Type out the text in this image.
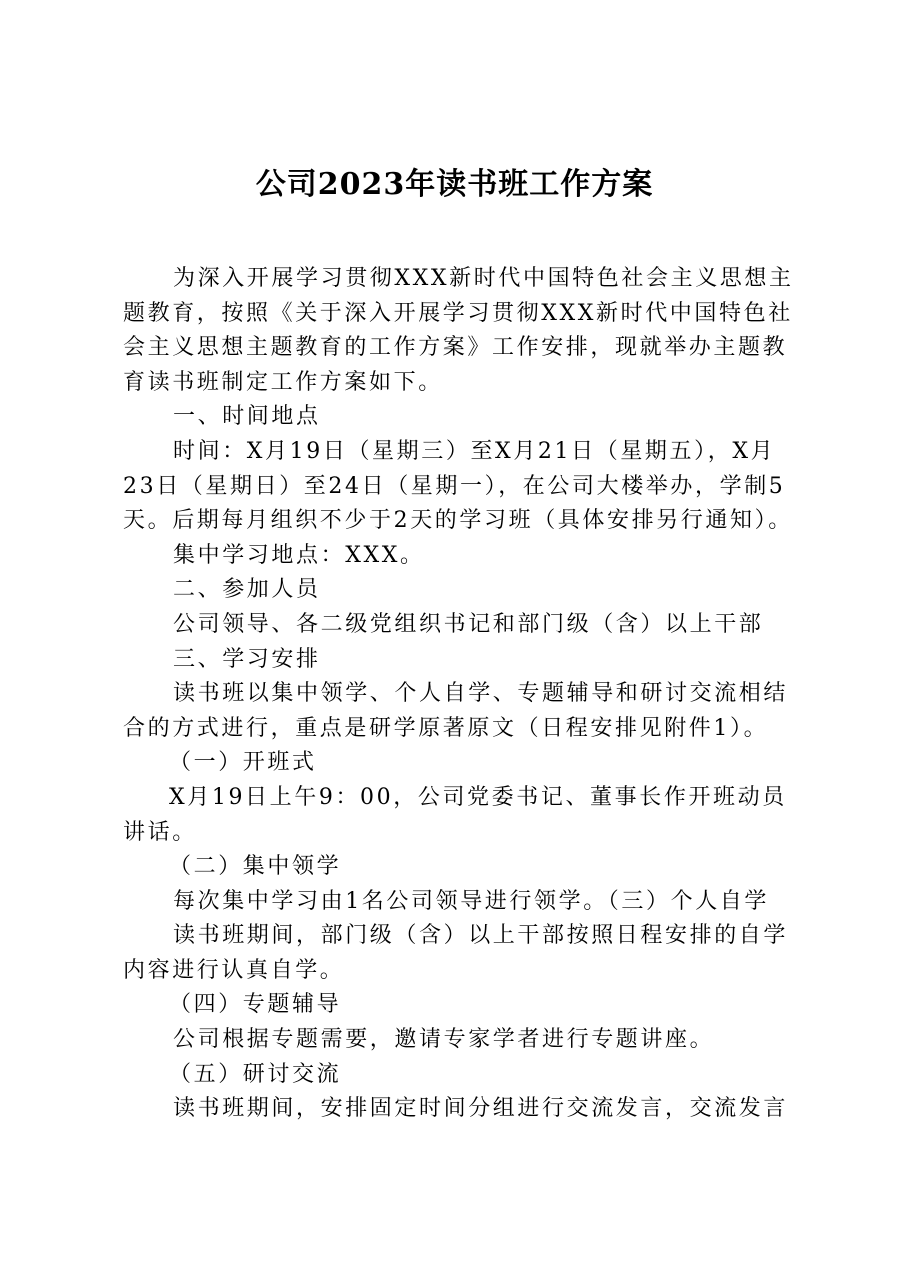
公司2023年读书班工作方案

为深入开展学习贯彻XXX新时代中国特色社会主义思想主
题教育，按照《关于深入开展学习贯彻XXX新时代中国特色社
会主义思想主题教育的工作方案》工作安排，现就举办主题教
育读书班制定工作方案如下。

一、时间地点

时间：X月19日（星期三）至X月21日（星期五），X月
23日（星期日）至24日（星期一），在公司大楼举办，学制5
天。后期每月组织不少于2天的学习班（具体安排另行通知）。

集中学习地点：XXX。

二、参加人员

公司领导、各二级党组织书记和部门级（含）以上干部

三、学习安排

读书班以集中领学、个人自学、专题辅导和研讨交流相结
合的方式进行，重点是研学原著原文（日程安排见附件1）。

（一）开班式

X月19日上午9：00，公司党委书记、董事长作开班动员
讲话。

（二）集中领学

每次集中学习由1名公司领导进行领学。（三）个人自学

读书班期间，部门级（含）以上干部按照日程安排的自学
内容进行认真自学。

（四）专题辅导

公司根据专题需要，邀请专家学者进行专题讲座。

（五）研讨交流

读书班期间，安排固定时间分组进行交流发言，交流发言
